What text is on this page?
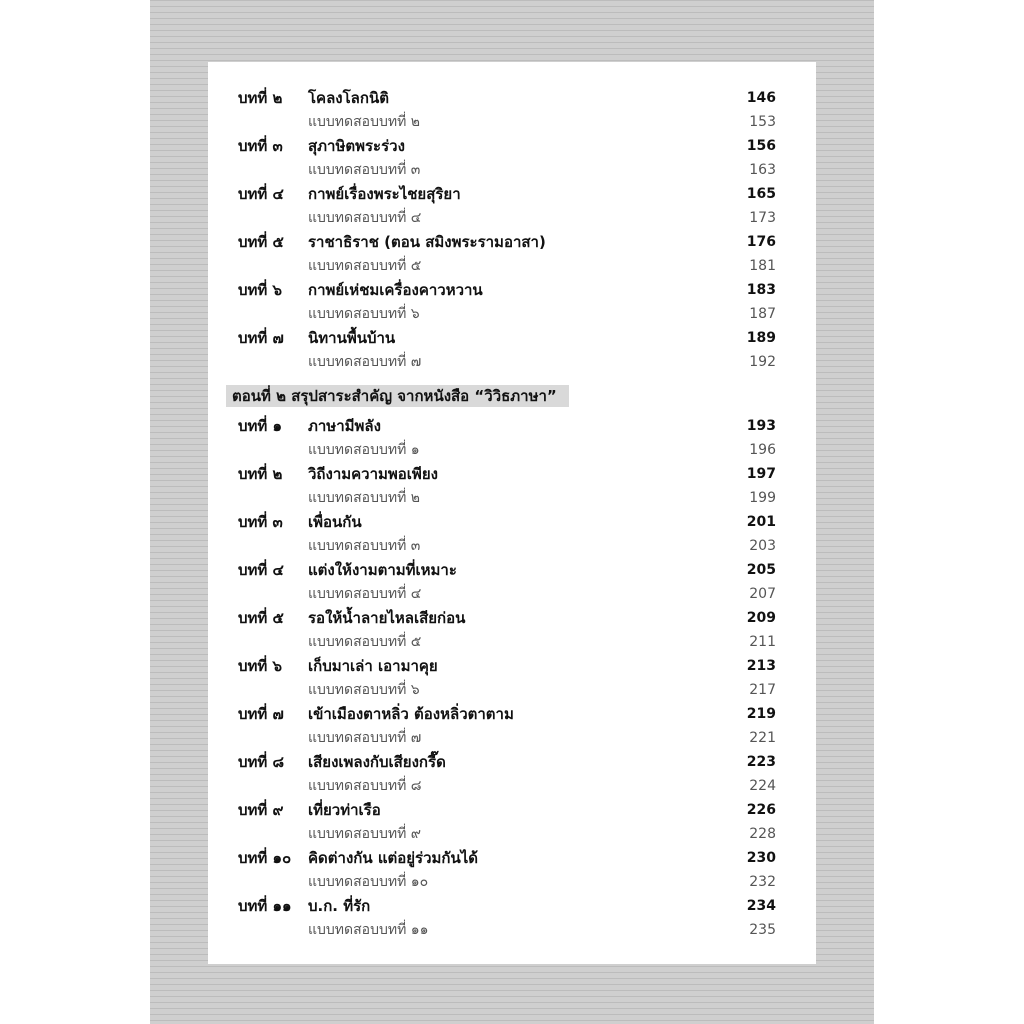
บทที่ ๒ โคลงโลกนิติ	146
แบบทดสอบบทที่ ๒	153
บทที่ ๓ สุภาษิตพระร่วง	156
แบบทดสอบบทที่ ๓	163
บทที่ ๔ กาพย์เรื่องพระไชยสุริยา	165
แบบทดสอบบทที่ ๔	173
บทที่ ๕ ราชาธิราช (ตอน สมิงพระรามอาสา)	176
แบบทดสอบบทที่ ๕	181
บทที่ ๖ กาพย์เห่ชมเครื่องคาวหวาน	183
แบบทดสอบบทที่ ๖	187
บทที่ ๗ นิทานพื้นบ้าน	189
แบบทดสอบบทที่ ๗	192
ตอนที่ ๒ สรุปสาระสำคัญ จากหนังสือ “วิวิธภาษา”
บทที่ ๑ ภาษามีพลัง	193
แบบทดสอบบทที่ ๑	196
บทที่ ๒ วิถีงามความพอเพียง	197
แบบทดสอบบทที่ ๒	199
บทที่ ๓ เพื่อนกัน	201
แบบทดสอบบทที่ ๓	203
บทที่ ๔ แต่งให้งามตามที่เหมาะ	205
แบบทดสอบบทที่ ๔	207
บทที่ ๕ รอให้น้ำลายไหลเสียก่อน	209
แบบทดสอบบทที่ ๕	211
บทที่ ๖ เก็บมาเล่า เอามาคุย	213
แบบทดสอบบทที่ ๖	217
บทที่ ๗ เข้าเมืองตาหลิ่ว ต้องหลิ่วตาตาม	219
แบบทดสอบบทที่ ๗	221
บทที่ ๘ เสียงเพลงกับเสียงกรี๊ด	223
แบบทดสอบบทที่ ๘	224
บทที่ ๙ เที่ยวท่าเรือ	226
แบบทดสอบบทที่ ๙	228
บทที่ ๑๐ คิดต่างกัน แต่อยู่ร่วมกันได้	230
แบบทดสอบบทที่ ๑๐	232
บทที่ ๑๑ บ.ก. ที่รัก	234
แบบทดสอบบทที่ ๑๑	235
